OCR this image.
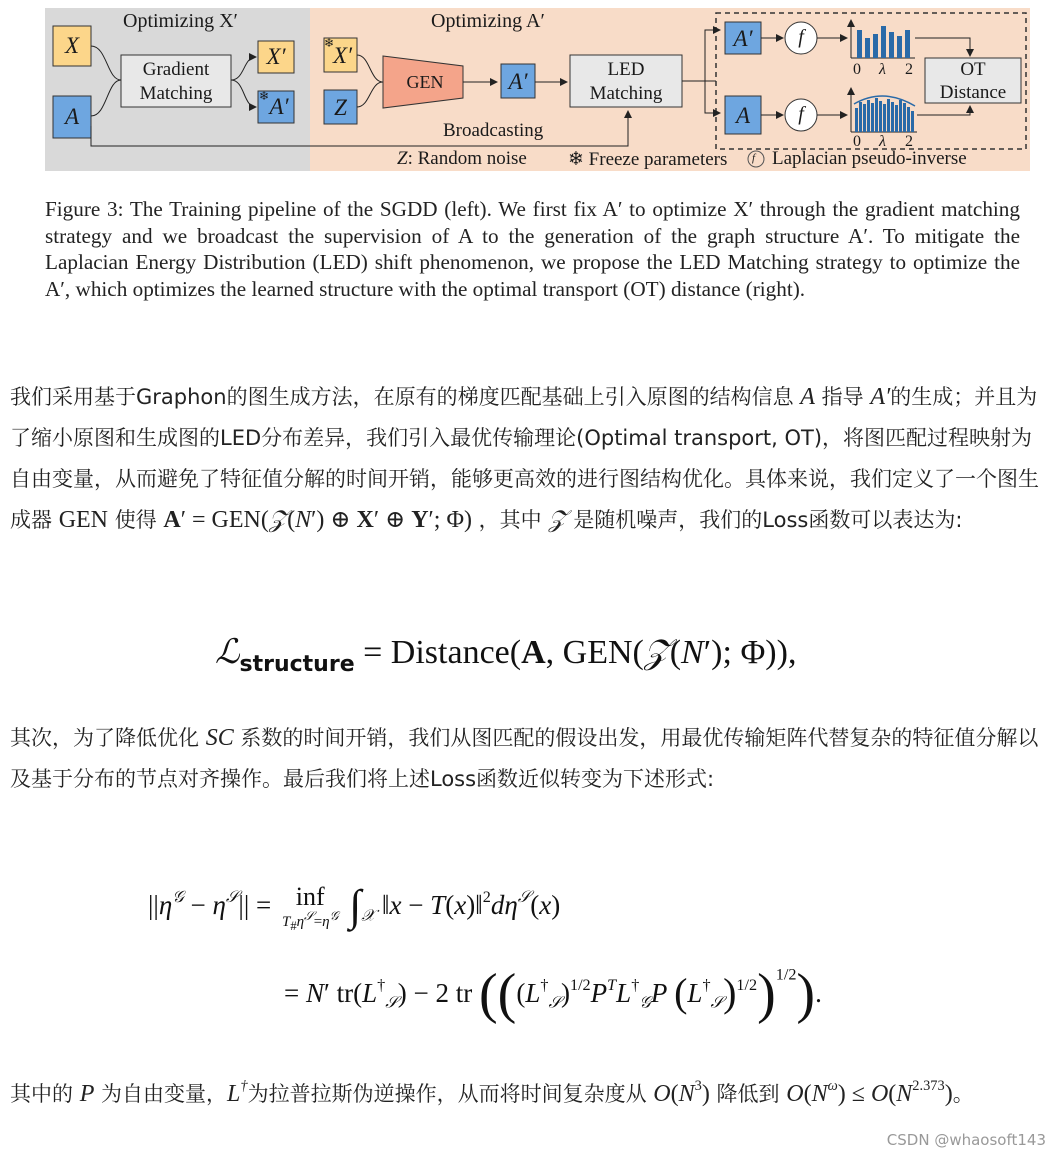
Optimizing X′	Optimizing A′
X
A
Gradient
Matching
X′
A′
❄
❄
X′
Z
GEN	A′	LED
Matching
Broadcasting
A′
A
f
f
0 λ 2
0 λ 2
OT
Distance
Z: Random noise ❄ Freeze parameters f Laplacian pseudo-inverse
Figure 3: The Training pipeline of the SGDD (left). We first fix A′ to optimize X′ through the gradient matching strategy and we broadcast the supervision of A to the generation of the graph structure A′. To mitigate the Laplacian Energy Distribution (LED) shift phenomenon, we propose the LED Matching strategy to optimize the A′, which optimizes the learned structure with the optimal transport (OT) distance (right).
我们采用基于Graphon的图生成方法，在原有的梯度匹配基础上引入原图的结构信息 A 指导 A′的生成；并且为了缩小原图和生成图的LED分布差异，我们引入最优传输理论(Optimal transport, OT)，将图匹配过程映射为自由变量，从而避免了特征值分解的时间开销，能够更高效的进行图结构优化。具体来说，我们定义了一个图生成器 GEN 使得 A′ = GEN(𝒵(N′) ⊕ X′ ⊕ Y′; Φ) ，其中 𝒵 是随机噪声，我们的Loss函数可以表达为:
ℒ$_{structure}$ = Distance(A, GEN(𝒵(N′); Φ)),
其次，为了降低优化 SC 系数的时间开销，我们从图匹配的假设出发，用最优传输矩阵代替复杂的特征值分解以及基于分布的节点对齐操作。最后我们将上述Loss函数近似转变为下述形式:
$||\eta^𝒢 - \eta^𝒮||$ = inf
$T_{\#}\eta^𝒮=\eta^𝒢$ $\int_𝒳$ ‖x − $T(x)‖^2d\eta^𝒮(x)$
= N′ $tr(L^\dagger_𝒮) - 2$ tr (($(L^\dagger_𝒮)^{1/2}P^TL^\dagger_𝒢P$ $(L^\dagger_𝒮)^{1/2})^{1/2}$).
其中的 P 为自由变量，L†为拉普拉斯伪逆操作，从而将时间复杂度从 $O(N^3)$ 降低到 $O(N^\omega) \le O(N^{2.373})$。
CSDN @whaosoft143
